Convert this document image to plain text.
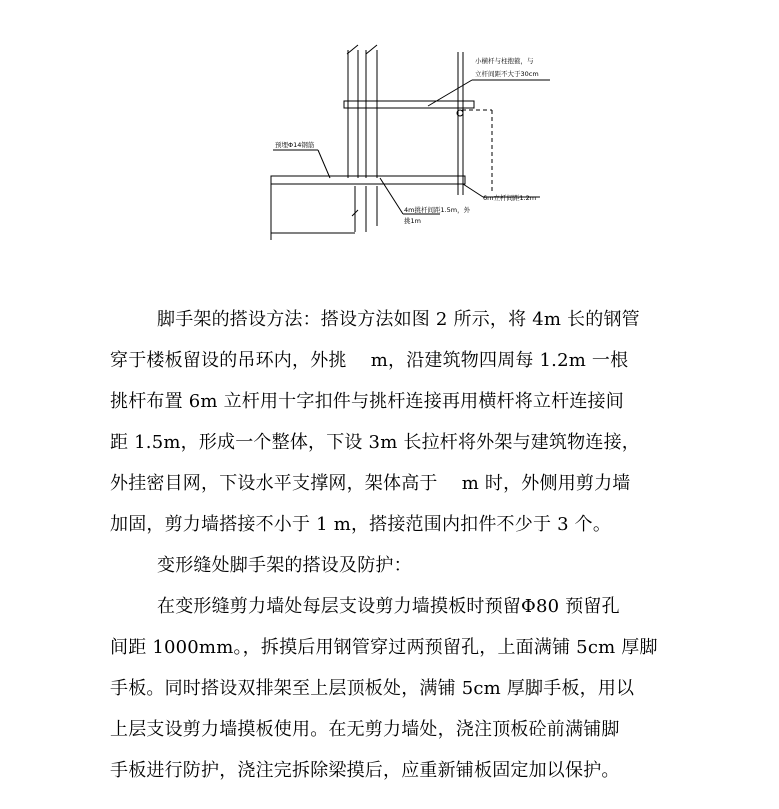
小横杆与柱抱箍，与
立杆间距不大于30cm
预埋Φ14钢筋
6m立杆间距1.2m
4m挑杆间距1.5m，外
挑1m

脚手架的搭设方法：搭设方法如图 2 所示，将 4m 长的钢管
穿于楼板留设的吊环内，外挑　 m，沿建筑物四周每 1.2m 一根
挑杆布置 6m 立杆用十字扣件与挑杆连接再用横杆将立杆连接间
距 1.5m，形成一个整体，下设 3m 长拉杆将外架与建筑物连接，
外挂密目网，下设水平支撑网，架体高于　 m 时，外侧用剪力墙
加固，剪力墙搭接不小于 1 m，搭接范围内扣件不少于 3 个。

变形缝处脚手架的搭设及防护：

在变形缝剪力墙处每层支设剪力墙摸板时预留Φ80 预留孔
间距 1000mm。，拆摸后用钢管穿过两预留孔，上面满铺 5cm 厚脚
手板。同时搭设双排架至上层顶板处，满铺 5cm 厚脚手板，用以
上层支设剪力墙摸板使用。在无剪力墙处，浇注顶板砼前满铺脚
手板进行防护，浇注完拆除梁摸后，应重新铺板固定加以保护。
